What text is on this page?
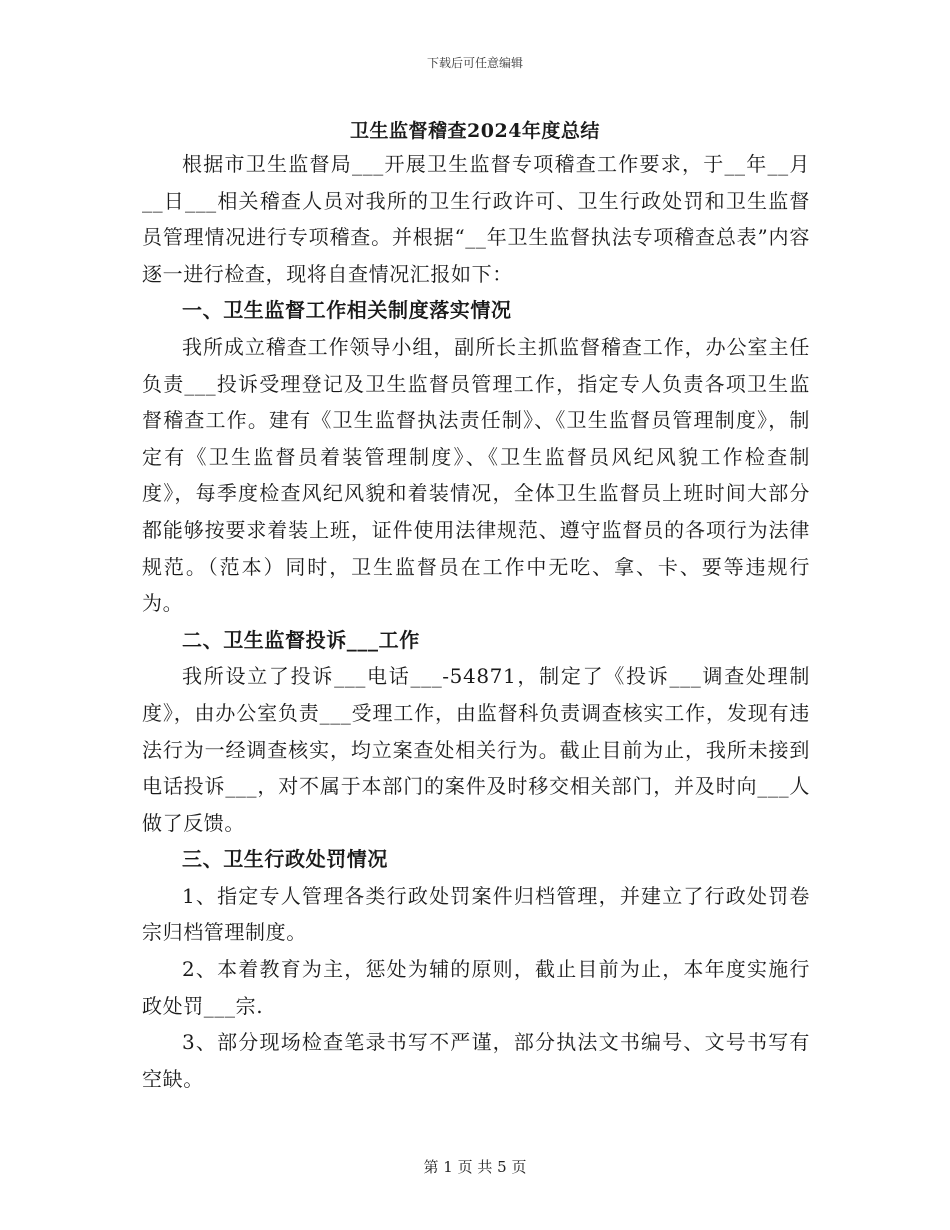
下载后可任意编辑
卫生监督稽查2024年度总结

根据市卫生监督局___开展卫生监督专项稽查工作要求，于__年__月__日___相关稽查人员对我所的卫生行政许可、卫生行政处罚和卫生监督员管理情况进行专项稽查。并根据“__年卫生监督执法专项稽查总表”内容逐一进行检查，现将自查情况汇报如下：

一、卫生监督工作相关制度落实情况

我所成立稽查工作领导小组，副所长主抓监督稽查工作，办公室主任负责___投诉受理登记及卫生监督员管理工作，指定专人负责各项卫生监督稽查工作。建有《卫生监督执法责任制》、《卫生监督员管理制度》，制定有《卫生监督员着装管理制度》、《卫生监督员风纪风貌工作检查制度》，每季度检查风纪风貌和着装情况，全体卫生监督员上班时间大部分都能够按要求着装上班，证件使用法律规范、遵守监督员的各项行为法律规范。（范本）同时，卫生监督员在工作中无吃、拿、卡、要等违规行为。

二、卫生监督投诉___工作

我所设立了投诉___电话___-54871，制定了《投诉___调查处理制度》，由办公室负责___受理工作，由监督科负责调查核实工作，发现有违法行为一经调查核实，均立案查处相关行为。截止目前为止，我所未接到电话投诉___，对不属于本部门的案件及时移交相关部门，并及时向___人做了反馈。

三、卫生行政处罚情况

1、指定专人管理各类行政处罚案件归档管理，并建立了行政处罚卷宗归档管理制度。

2、本着教育为主，惩处为辅的原则，截止目前为止，本年度实施行政处罚___宗.

3、部分现场检查笔录书写不严谨，部分执法文书编号、文号书写有空缺。

第 1 页 共 5 页
